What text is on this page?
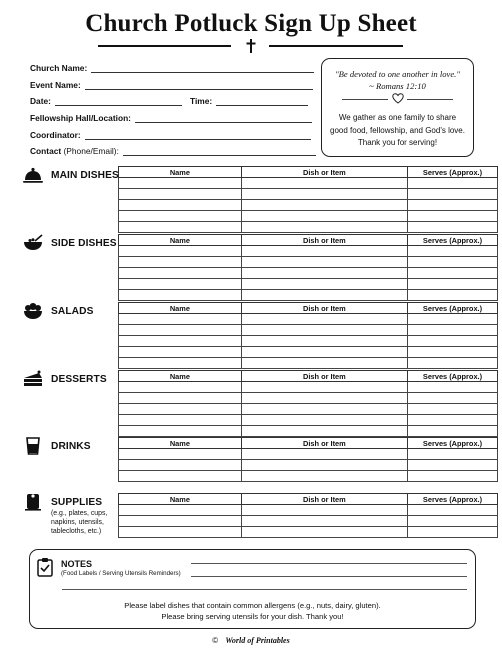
Church Potluck Sign Up Sheet
Church Name:
Event Name:
Date:	Time:
Fellowship Hall/Location:
Coordinator:
Contact
(Phone/Email):
"Be devoted to one another in love."
~ Romans 12:10
We gather as one family to share
good food, fellowship, and God's love.
Thank you for serving!
MAIN DISHES	Name	Dish or Item	Serves (Approx.)

SIDE DISHES	Name	Dish or Item	Serves (Approx.)

SALADS	Name	Dish or Item	Serves (Approx.)

DESSERTS	Name	Dish or Item	Serves (Approx.)

DRINKS	Name	Dish or Item	Serves (Approx.)

SUPPLIES
(e.g., plates, cups, napkins, utensils, tablecloths, etc.)
Name	Dish or Item	Serves (Approx.)

NOTES
(Food Labels / Serving Utensils Reminders)
Please label dishes that contain common allergens (e.g., nuts, dairy, gluten).
Please bring serving utensils for your dish. Thank you!
© World of Printables
